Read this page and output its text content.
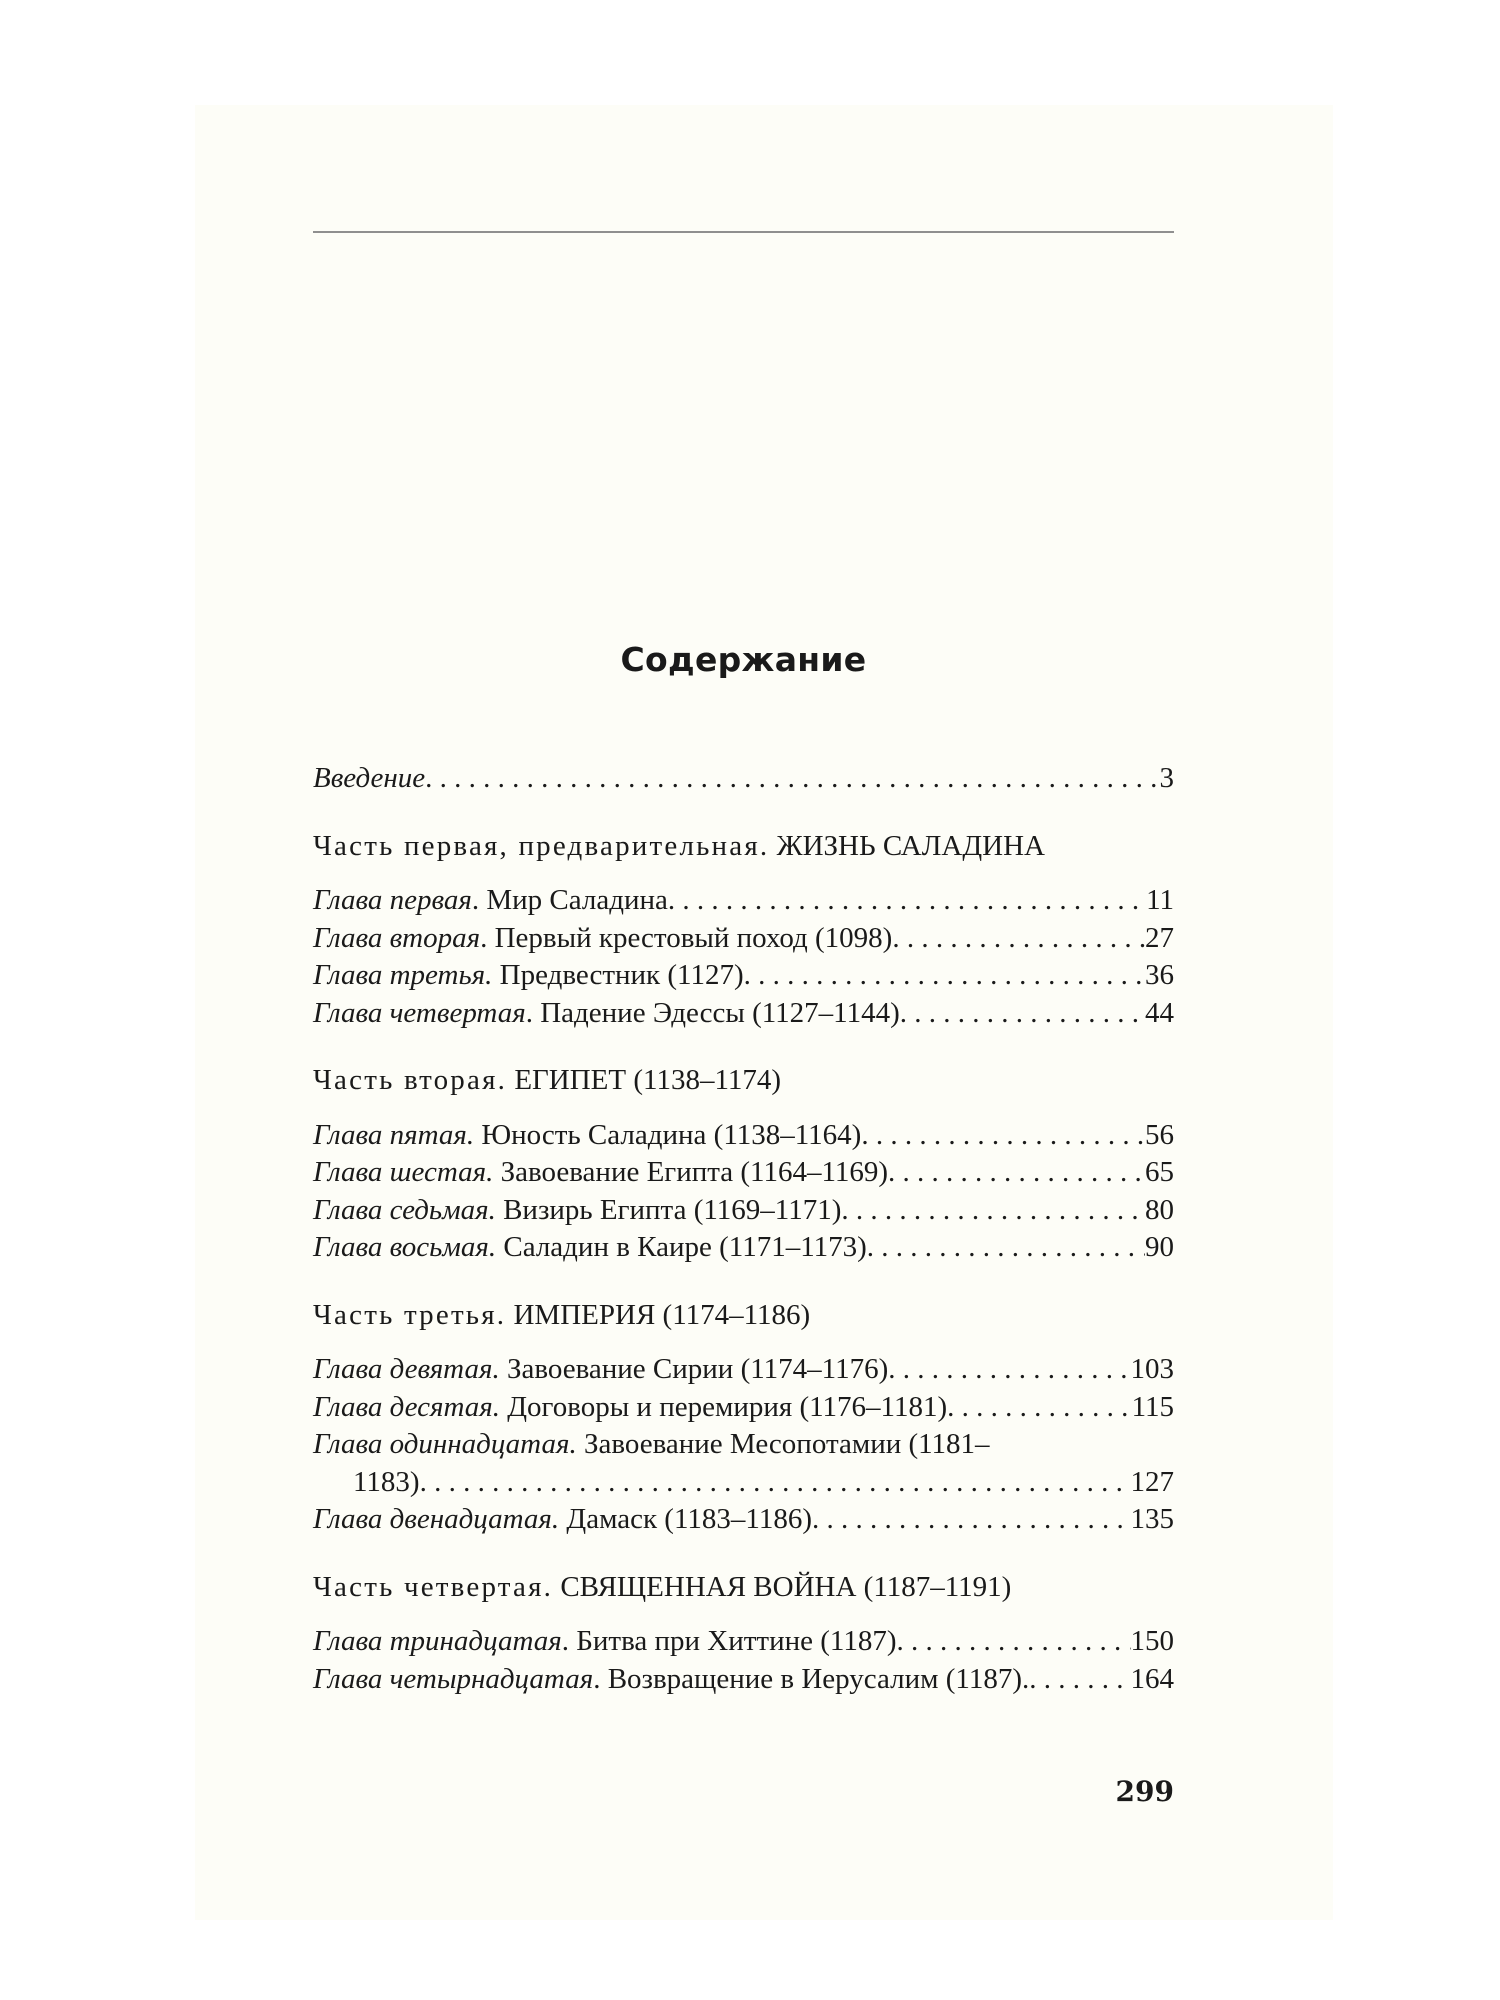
Содержание
Введение . . .	3
Часть первая, предварительная. ЖИЗНЬ САЛАДИНА
Глава первая. Мир Саладина . . .	11
Глава вторая. Первый крестовый поход (1098) . . .	27
Глава третья. Предвестник (1127) . . .	36
Глава четвертая. Падение Эдессы (1127–1144) . . .	44
Часть вторая. ЕГИПЕТ (1138–1174)
Глава пятая. Юность Саладина (1138–1164) . . .	56
Глава шестая. Завоевание Египта (1164–1169) . . .	65
Глава седьмая. Визирь Египта (1169–1171) . . .	80
Глава восьмая. Саладин в Каире (1171–1173) . . .	90
Часть третья. ИМПЕРИЯ (1174–1186)
Глава девятая. Завоевание Сирии (1174–1176) . . .	103
Глава десятая. Договоры и перемирия (1176–1181) . . .	115
Глава одиннадцатая. Завоевание Месопотамии (1181–
1183) . . .	127
Глава двенадцатая. Дамаск (1183–1186) . . .	135
Часть четвертая. СВЯЩЕННАЯ ВОЙНА (1187–1191)
Глава тринадцатая. Битва при Хиттине (1187) . . .	150
Глава четырнадцатая. Возвращение в Иерусалим (1187). . . .	164
299
